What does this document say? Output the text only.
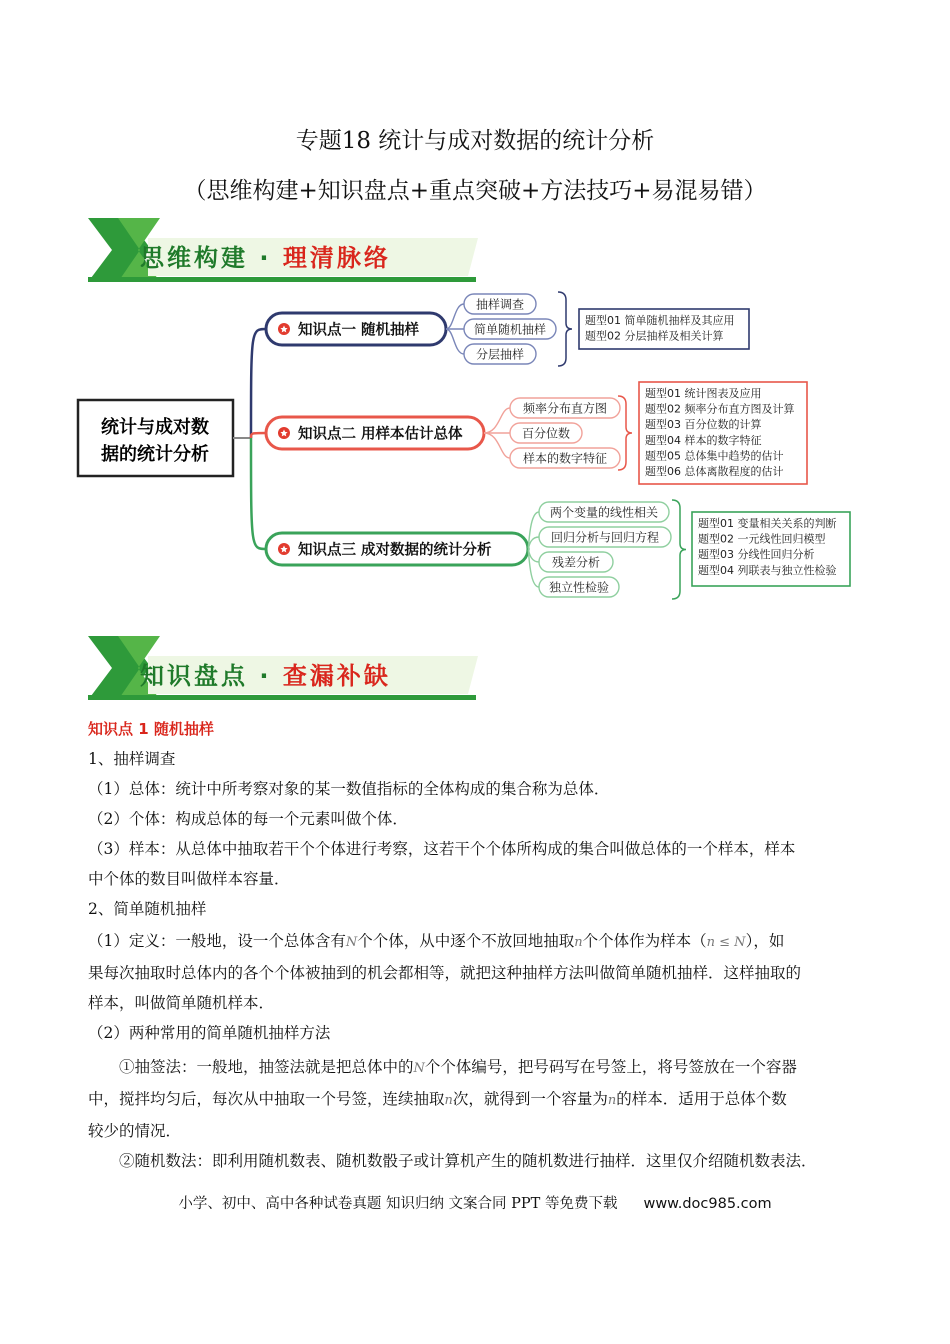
专题18 统计与成对数据的统计分析
（思维构建+知识盘点+重点突破+方法技巧+易混易错）
思维构建 · 理清脉络
统计与成对数
据的统计分析
知识点一 随机抽样
抽样调查
简单随机抽样
分层抽样
题型01 简单随机抽样及其应用
题型02 分层抽样及相关计算
知识点二 用样本估计总体
频率分布直方图
百分位数
样本的数字特征
题型01 统计图表及应用
题型02 频率分布直方图及计算
题型03 百分位数的计算
题型04 样本的数字特征
题型05 总体集中趋势的估计
题型06 总体离散程度的估计
知识点三 成对数据的统计分析
两个变量的线性相关
回归分析与回归方程
残差分析
独立性检验
题型01 变量相关关系的判断
题型02 一元线性回归模型
题型03 分线性回归分析
题型04 列联表与独立性检验
知识盘点 · 查漏补缺
知识点 1 随机抽样
1、抽样调查
（1）总体：统计中所考察对象的某一数值指标的全体构成的集合称为总体．
（2）个体：构成总体的每一个元素叫做个体．
（3）样本：从总体中抽取若干个个体进行考察，这若干个个体所构成的集合叫做总体的一个样本，样本
中个体的数目叫做样本容量．
2、简单随机抽样
（1）定义：一般地，设一个总体含有N个个体，从中逐个不放回地抽取n个个体作为样本（n ≤ N），如
果每次抽取时总体内的各个个体被抽到的机会都相等，就把这种抽样方法叫做简单随机抽样．这样抽取的
样本，叫做简单随机样本．
（2）两种常用的简单随机抽样方法
①抽签法：一般地，抽签法就是把总体中的N个个体编号，把号码写在号签上，将号签放在一个容器
中，搅拌均匀后，每次从中抽取一个号签，连续抽取n次，就得到一个容量为n的样本．适用于总体个数
较少的情况．
②随机数法：即利用随机数表、随机数骰子或计算机产生的随机数进行抽样．这里仅介绍随机数表法．
小学、初中、高中各种试卷真题 知识归纳 文案合同 PPT 等免费下载 www.doc985.com
